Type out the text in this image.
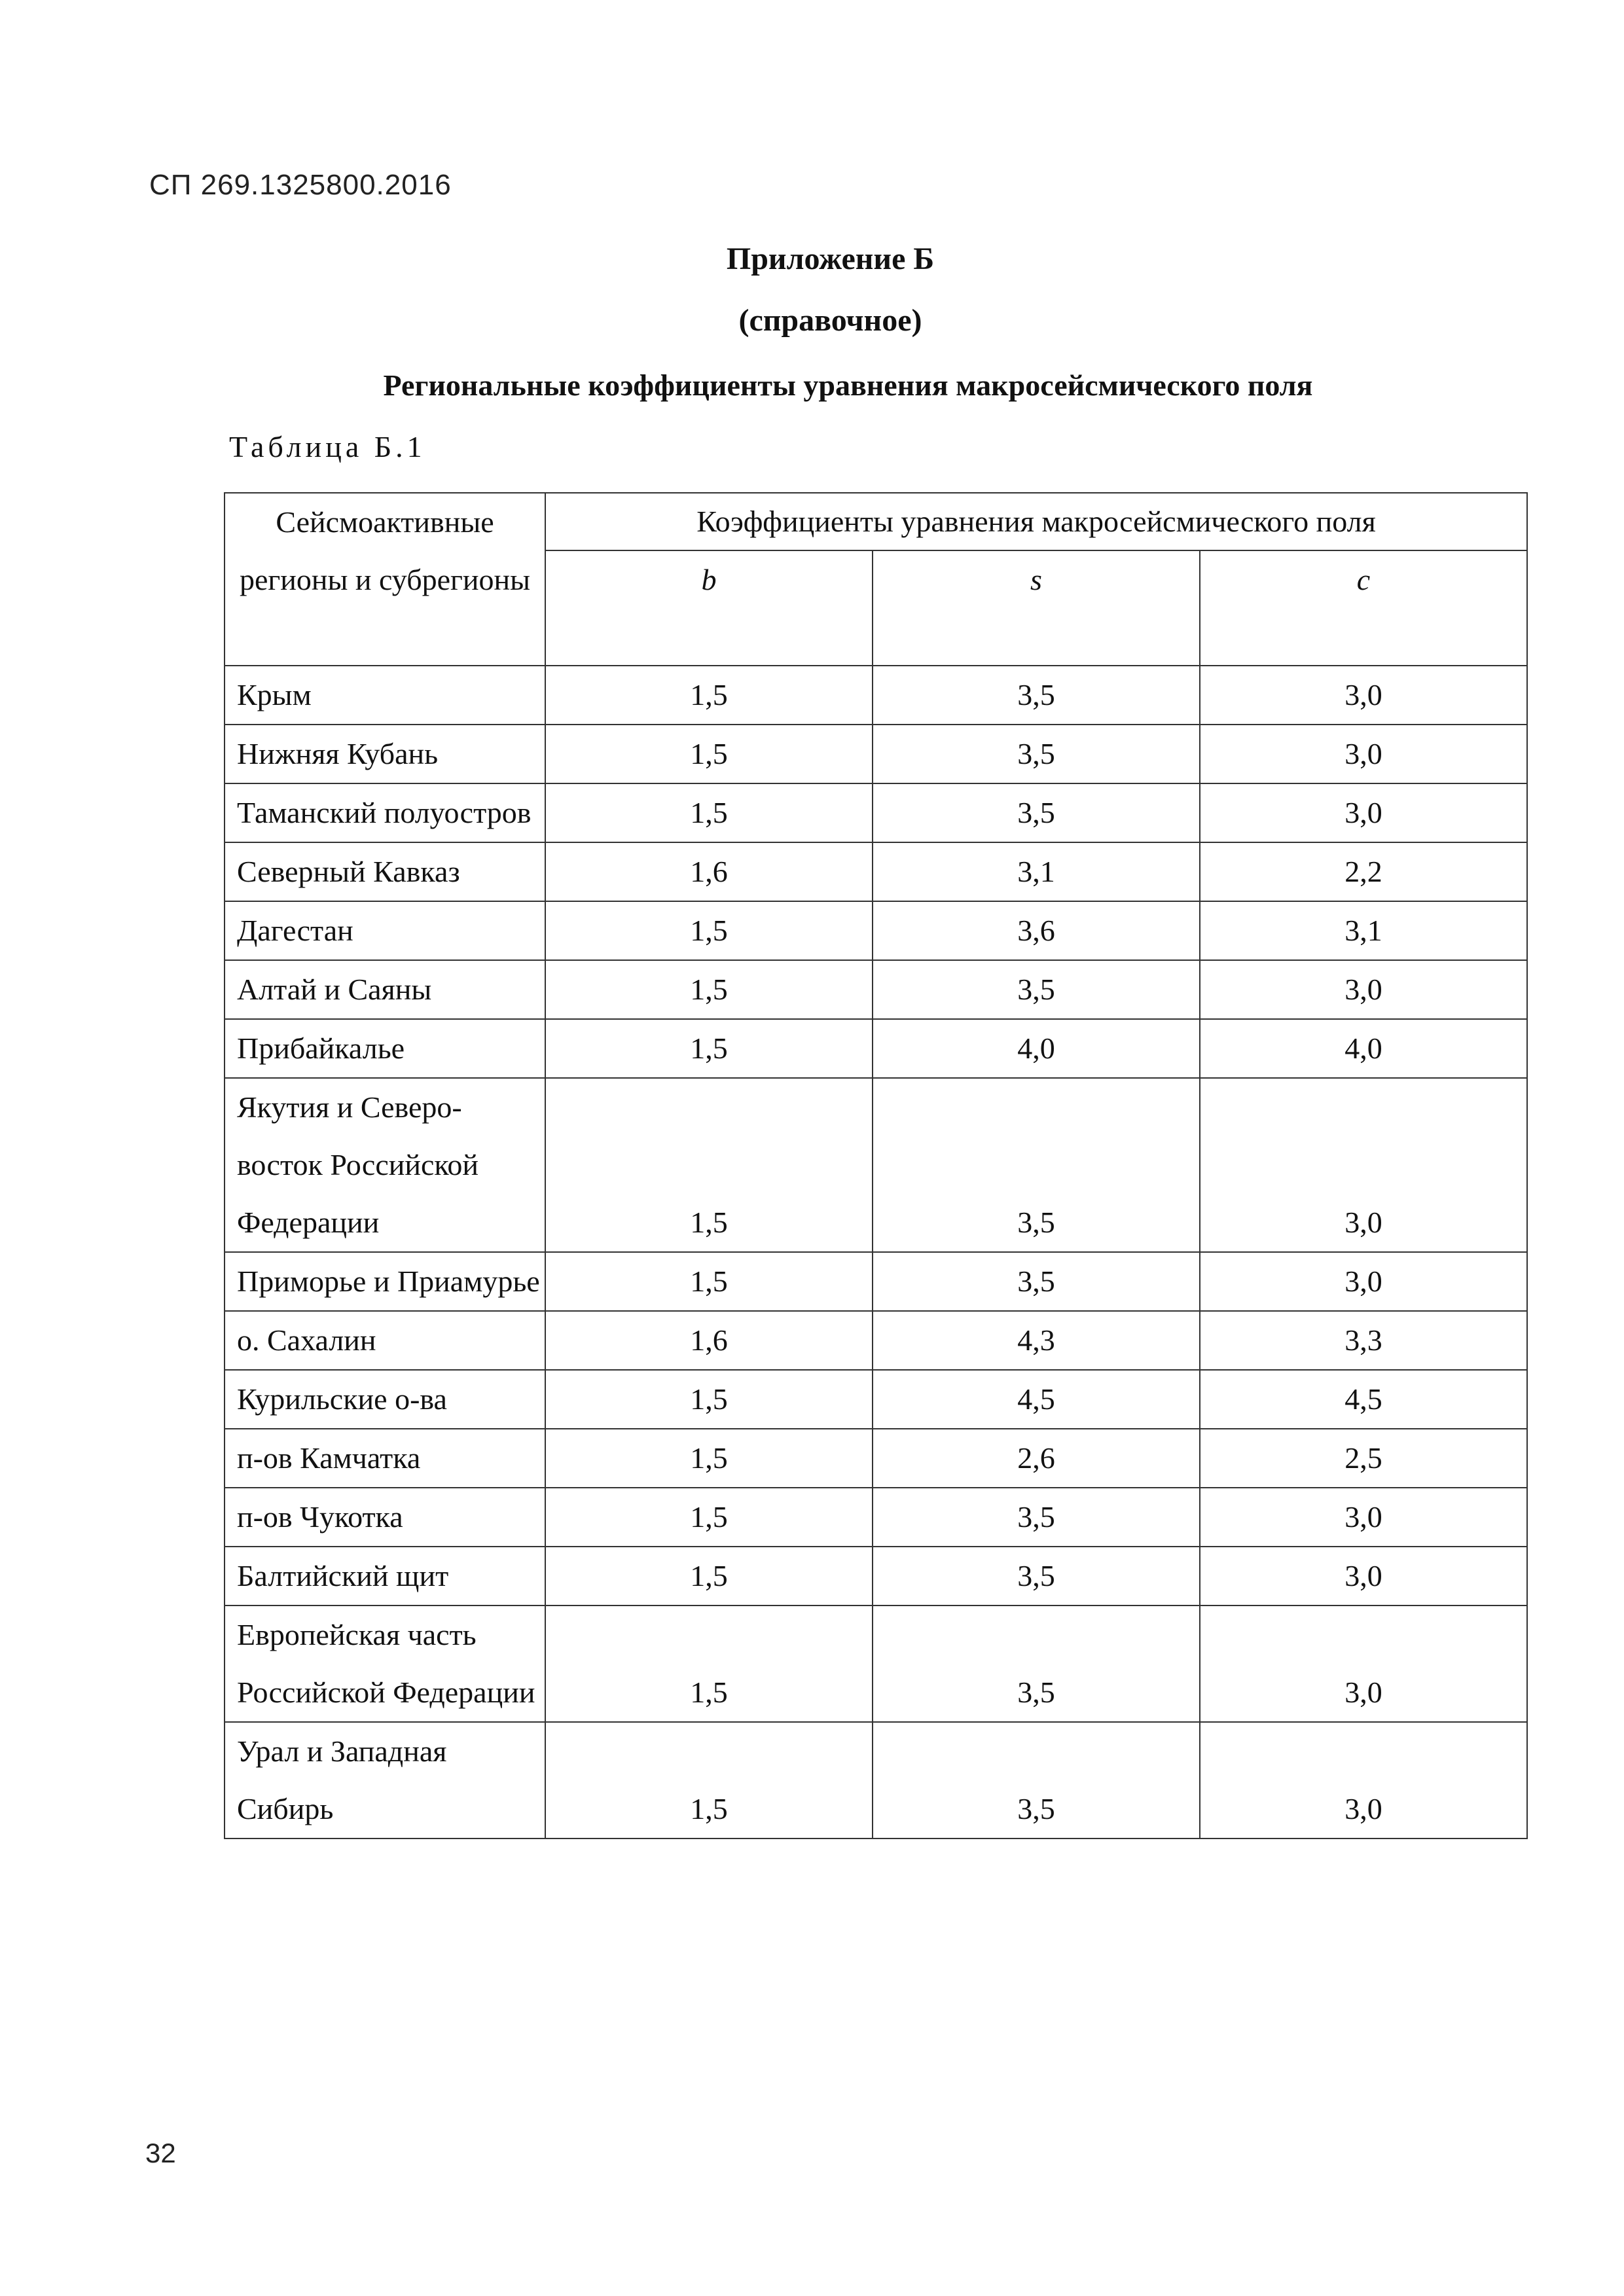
СП 269.1325800.2016
Приложение Б
(справочное)
Региональные коэффициенты уравнения макросейсмического поля
Таблица Б.1
Сейсмоактивные регионы и субрегионы	Коэффициенты уравнения макросейсмического поля		
	b	s	c
Крым	1,5	3,5	3,0
Нижняя Кубань	1,5	3,5	3,0
Таманский полуостров	1,5	3,5	3,0
Северный Кавказ	1,6	3,1	2,2
Дагестан	1,5	3,6	3,1
Алтай и Саяны	1,5	3,5	3,0
Прибайкалье	1,5	4,0	4,0
Якутия и Северо-восток Российской Федерации	1,5	3,5	3,0
Приморье и Приамурье	1,5	3,5	3,0
о. Сахалин	1,6	4,3	3,3
Курильские о-ва	1,5	4,5	4,5
п-ов Камчатка	1,5	2,6	2,5
п-ов Чукотка	1,5	3,5	3,0
Балтийский щит	1,5	3,5	3,0
Европейская часть Российской Федерации	1,5	3,5	3,0
Урал и Западная Сибирь	1,5	3,5	3,0
32
